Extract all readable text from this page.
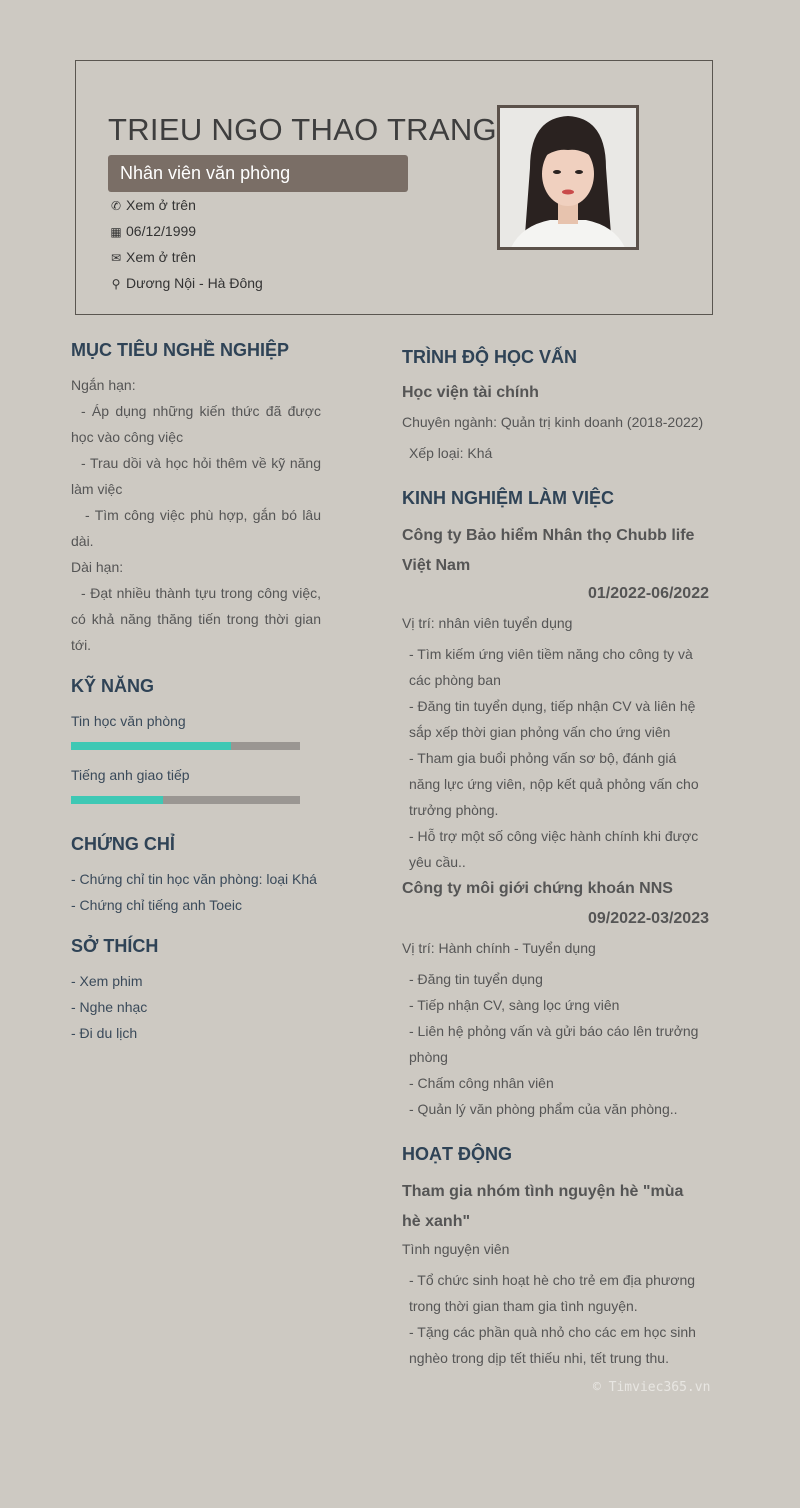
TRIEU NGO THAO TRANG
Nhân viên văn phòng
✆ Xem ở trên
▦ 06/12/1999
✉ Xem ở trên
⚲ Dương Nội - Hà Đông
MỤC TIÊU NGHỀ NGHIỆP
Ngắn hạn:
- Áp dụng những kiến thức đã được học vào công việc
- Trau dồi và học hỏi thêm về kỹ năng làm việc
- Tìm công việc phù hợp, gắn bó lâu dài.
Dài hạn:
- Đạt nhiều thành tựu trong công việc, có khả năng thăng tiến trong thời gian tới.
KỸ NĂNG
Tin học văn phòng
Tiếng anh giao tiếp
CHỨNG CHỈ
- Chứng chỉ tin học văn phòng: loại Khá
- Chứng chỉ tiếng anh Toeic
SỞ THÍCH
- Xem phim
- Nghe nhạc
- Đi du lịch
TRÌNH ĐỘ HỌC VẤN
Học viện tài chính
Chuyên ngành: Quản trị kinh doanh (2018-2022)
Xếp loại: Khá
KINH NGHIỆM LÀM VIỆC
Công ty Bảo hiểm Nhân thọ Chubb life Việt Nam
01/2022-06/2022
Vị trí: nhân viên tuyển dụng
- Tìm kiếm ứng viên tiềm năng cho công ty và các phòng ban
- Đăng tin tuyển dụng, tiếp nhận CV và liên hệ sắp xếp thời gian phỏng vấn cho ứng viên
- Tham gia buổi phỏng vấn sơ bộ, đánh giá năng lực ứng viên, nộp kết quả phỏng vấn cho trưởng phòng.
- Hỗ trợ một số công việc hành chính khi được yêu cầu..
Công ty môi giới chứng khoán NNS
09/2022-03/2023
Vị trí: Hành chính - Tuyển dụng
- Đăng tin tuyển dụng
- Tiếp nhận CV, sàng lọc ứng viên
- Liên hệ phỏng vấn và gửi báo cáo lên trưởng phòng
- Chấm công nhân viên
- Quản lý văn phòng phẩm của văn phòng..
HOẠT ĐỘNG
Tham gia nhóm tình nguyện hè "mùa hè xanh"
Tình nguyện viên
- Tổ chức sinh hoạt hè cho trẻ em địa phương trong thời gian tham gia tình nguyện.
- Tặng các phần quà nhỏ cho các em học sinh nghèo trong dịp tết thiếu nhi, tết trung thu.
© Timviec365.vn
